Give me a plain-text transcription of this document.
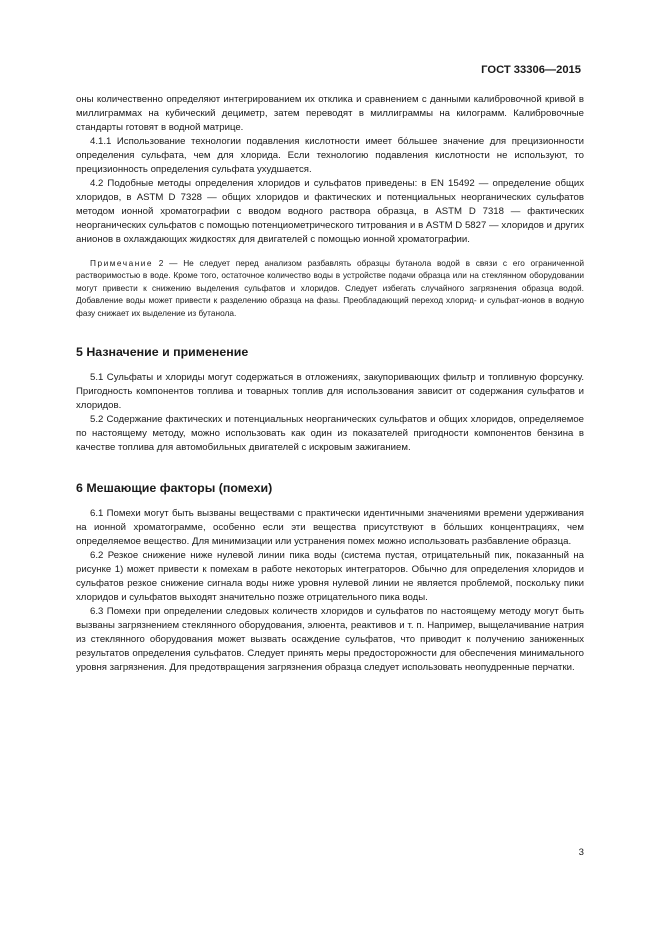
ГОСТ 33306—2015

оны количественно определяют интегрированием их отклика и сравнением с данными калибровочной кривой в миллиграммах на кубический дециметр, затем переводят в миллиграммы на килограмм. Калибровочные стандарты готовят в водной матрице.

4.1.1 Использование технологии подавления кислотности имеет бо́льшее значение для прецизионности определения сульфата, чем для хлорида. Если технологию подавления кислотности не используют, то прецизионность определения сульфата ухудшается.

4.2 Подобные методы определения хлоридов и сульфатов приведены: в EN 15492 — определение общих хлоридов, в ASTM D 7328 — общих хлоридов и фактических и потенциальных неорганических сульфатов методом ионной хроматографии с вводом водного раствора образца, в ASTM D 7318 — фактических неорганических сульфатов с помощью потенциометрического титрования и в ASTM D 5827 — хлоридов и других анионов в охлаждающих жидкостях для двигателей с помощью ионной хроматографии.

Примечание 2 — Не следует перед анализом разбавлять образцы бутанола водой в связи с его ограниченной растворимостью в воде. Кроме того, остаточное количество воды в устройстве подачи образца или на стеклянном оборудовании могут привести к снижению выделения сульфатов и хлоридов. Следует избегать случайного загрязнения образца водой. Добавление воды может привести к разделению образца на фазы. Преобладающий переход хлорид- и сульфат-ионов в водную фазу снижает их выделение из бутанола.

5 Назначение и применение

5.1 Сульфаты и хлориды могут содержаться в отложениях, закупоривающих фильтр и топливную форсунку. Пригодность компонентов топлива и товарных топлив для использования зависит от содержания сульфатов и хлоридов.

5.2 Содержание фактических и потенциальных неорганических сульфатов и общих хлоридов, определяемое по настоящему методу, можно использовать как один из показателей пригодности компонентов бензина в качестве топлива для автомобильных двигателей с искровым зажиганием.

6 Мешающие факторы (помехи)

6.1 Помехи могут быть вызваны веществами с практически идентичными значениями времени удерживания на ионной хроматограмме, особенно если эти вещества присутствуют в бо́льших концентрациях, чем определяемое вещество. Для минимизации или устранения помех можно использовать разбавление образца.

6.2 Резкое снижение ниже нулевой линии пика воды (система пустая, отрицательный пик, показанный на рисунке 1) может привести к помехам в работе некоторых интеграторов. Обычно для определения хлоридов и сульфатов резкое снижение сигнала воды ниже уровня нулевой линии не является проблемой, поскольку пики хлоридов и сульфатов выходят значительно позже отрицательного пика воды.

6.3 Помехи при определении следовых количеств хлоридов и сульфатов по настоящему методу могут быть вызваны загрязнением стеклянного оборудования, элюента, реактивов и т. п. Например, выщелачивание натрия из стеклянного оборудования может вызвать осаждение сульфатов, что приводит к получению заниженных результатов определения сульфатов. Следует принять меры предосторожности для обеспечения минимального уровня загрязнения. Для предотвращения загрязнения образца следует использовать неопудренные перчатки.

3
